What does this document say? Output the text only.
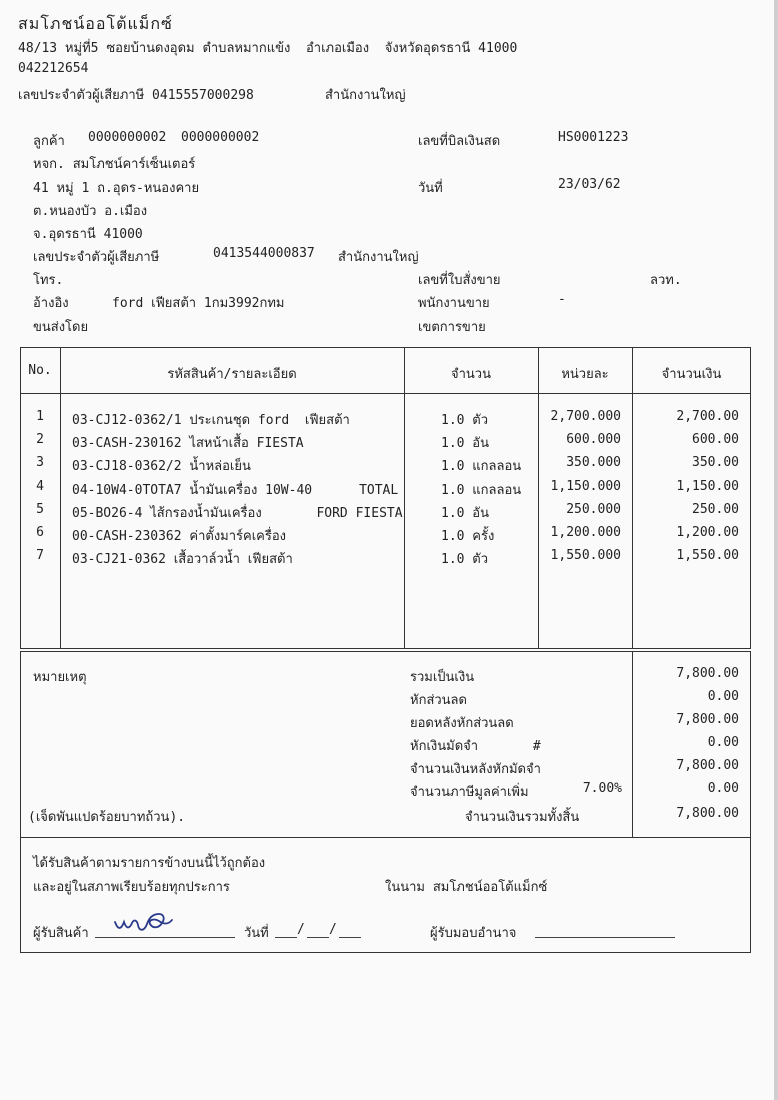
สมโภชน์ออโต้แม็กซ์
48/13 หมู่ที่5 ซอยบ้านดงอุดม ตำบลหมากแข้ง  อำเภอเมือง  จังหวัดอุดรธานี 41000
042212654
เลขประจำตัวผู้เสียภาษี 0415557000298	สำนักงานใหญ่
ลูกค้า 0000000002 0000000002
หจก. สมโภชน์คาร์เซ็นเตอร์
41 หมู่ 1 ถ.อุดร-หนองคาย
ต.หนองบัว อ.เมือง
จ.อุดรธานี 41000
เลขประจำตัวผู้เสียภาษี	0413544000837 สำนักงานใหญ่
โทร.
อ้างอิง	ford เฟียสต้า 1กม3992กทม
ขนส่งโดย
เลขที่บิลเงินสด	HS0001223
วันที่	23/03/62
เลขที่ใบสั่งขาย	ลวท.
พนักงานขาย	-
เขตการขาย
No.	รหัสสินค้า/รายละเอียด	จำนวน	หน่วยละ	จำนวนเงิน
1	03-CJ12-0362/1 ประเกนชุด ford  เฟียสต้า	1.0 ตัว	2,700.000	2,700.00
2	03-CASH-230162 ไสหน้าเสื้อ FIESTA	1.0 อัน	600.000	600.00
3	03-CJ18-0362/2 น้ำหล่อเย็น	1.0 แกลลอน	350.000	350.00
4	04-10W4-0TOTA7 น้ำมันเครื่อง 10W-40      TOTAL	1.0 แกลลอน	1,150.000	1,150.00
5	05-BO26-4 ไส้กรองน้ำมันเครื่อง       FORD FIESTA	1.0 อัน	250.000	250.00
6	00-CASH-230362 ค่าตั้งมาร์คเครื่อง	1.0 ครั้ง	1,200.000	1,200.00
7	03-CJ21-0362 เสื้อวาล์วน้ำ เฟียสต้า	1.0 ตัว	1,550.000	1,550.00
หมายเหตุ
(เจ็ดพันแปดร้อยบาทถ้วน).
รวมเป็นเงิน	7,800.00
หักส่วนลด	0.00
ยอดหลังหักส่วนลด	7,800.00
หักเงินมัดจำ       #	0.00
จำนวนเงินหลังหักมัดจำ	7,800.00
จำนวนภาษีมูลค่าเพิ่ม	7.00%	0.00
จำนวนเงินรวมทั้งสิ้น	7,800.00
ได้รับสินค้าตามรายการข้างบนนี้ไว้ถูกต้อง
และอยู่ในสภาพเรียบร้อยทุกประการ	ในนาม สมโภชน์ออโต้แม็กซ์
ผู้รับสินค้า	วันที่ / /	ผู้รับมอบอำนาจ
